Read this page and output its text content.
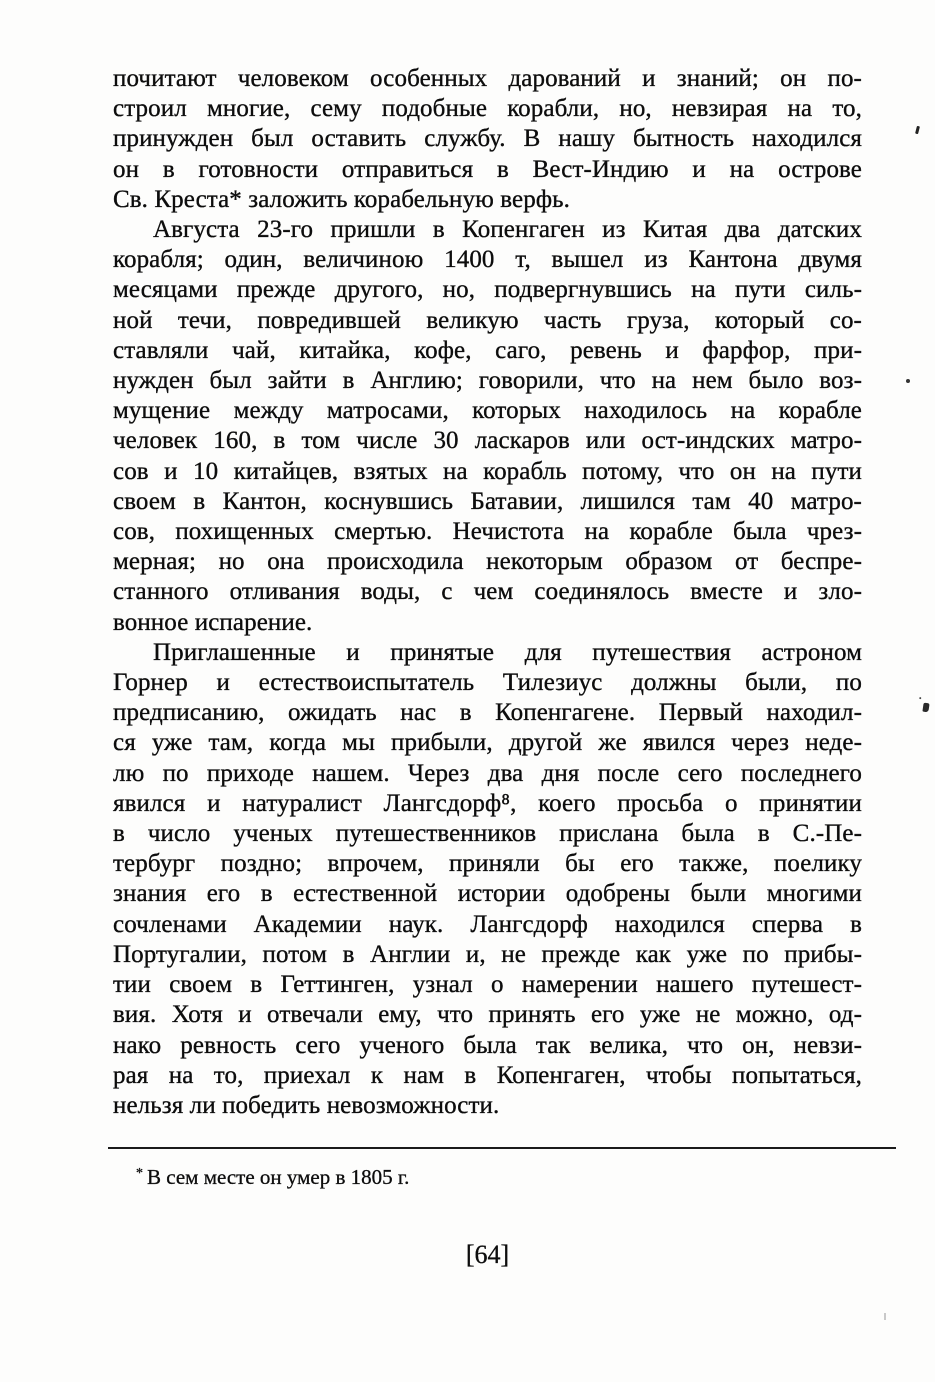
почитают человеком особенных дарований и знаний; он по-
строил многие, сему подобные корабли, но, невзирая на то,
принужден был оставить службу. В нашу бытность находился
он в готовности отправиться в Вест-Индию и на острове
Св. Креста* заложить корабельную верфь.
Августа 23-го пришли в Копенгаген из Китая два датских
корабля; один, величиною 1400 т, вышел из Кантона двумя
месяцами прежде другого, но, подвергнувшись на пути силь-
ной течи, повредившей великую часть груза, который со-
ставляли чай, китайка, кофе, саго, ревень и фарфор, при-
нужден был зайти в Англию; говорили, что на нем было воз-
мущение между матросами, которых находилось на корабле
человек 160, в том числе 30 ласкаров или ост-индских матро-
сов и 10 китайцев, взятых на корабль потому, что он на пути
своем в Кантон, коснувшись Батавии, лишился там 40 матро-
сов, похищенных смертью. Нечистота на корабле была чрез-
мерная; но она происходила некоторым образом от беспре-
станного отливания воды, с чем соединялось вместе и зло-
вонное испарение.
Приглашенные и принятые для путешествия астроном
Горнер и естествоиспытатель Тилезиус должны были, по
предписанию, ожидать нас в Копенгагене. Первый находил-
ся уже там, когда мы прибыли, другой же явился через неде-
лю по приходе нашем. Через два дня после сего последнего
явился и натуралист Лангсдорф⁸, коего просьба о принятии
в число ученых путешественников прислана была в С.-Пе-
тербург поздно; впрочем, приняли бы его также, поелику
знания его в естественной истории одобрены были многими
сочленами Академии наук. Лангсдорф находился сперва в
Португалии, потом в Англии и, не прежде как уже по прибы-
тии своем в Геттинген, узнал о намерении нашего путешест-
вия. Хотя и отвечали ему, что принять его уже не можно, од-
нако ревность сего ученого была так велика, что он, невзи-
рая на то, приехал к нам в Копенгаген, чтобы попытаться,
нельзя ли победить невозможности.
* В сем месте он умер в 1805 г.
[64]
